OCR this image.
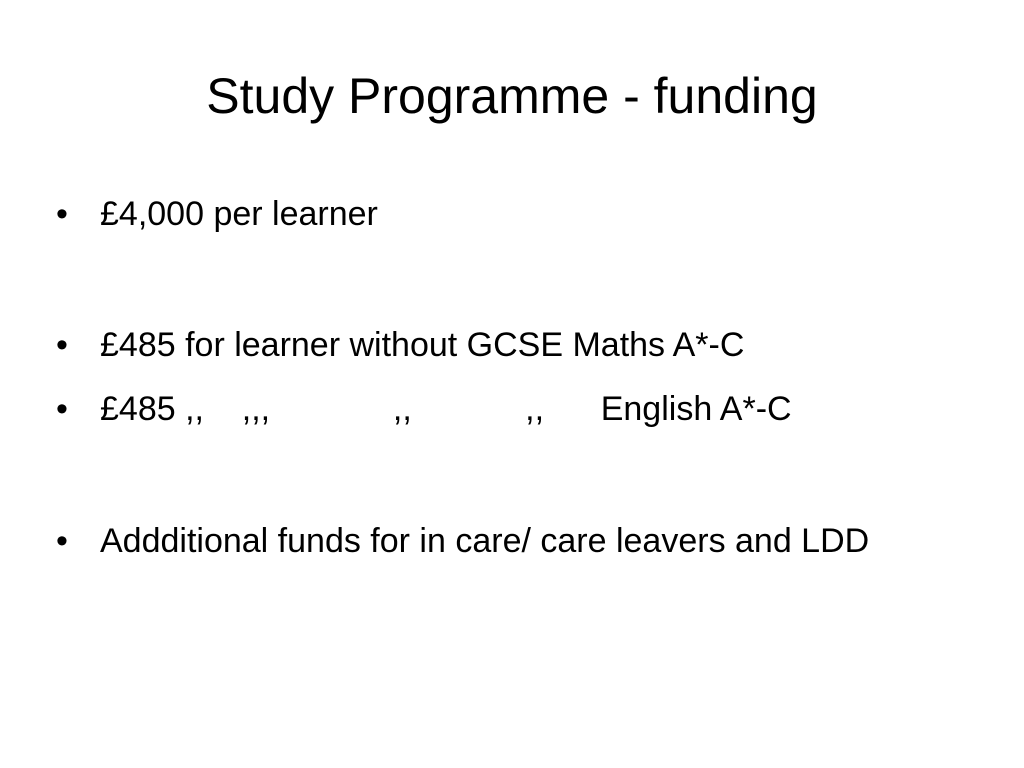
Study Programme - funding
• £4,000 per learner
• £485 for learner without GCSE Maths A*-C
• £485 ,,    ,,,             ,,            ,,      English A*-C
• Addditional funds for in care/ care leavers and LDD
